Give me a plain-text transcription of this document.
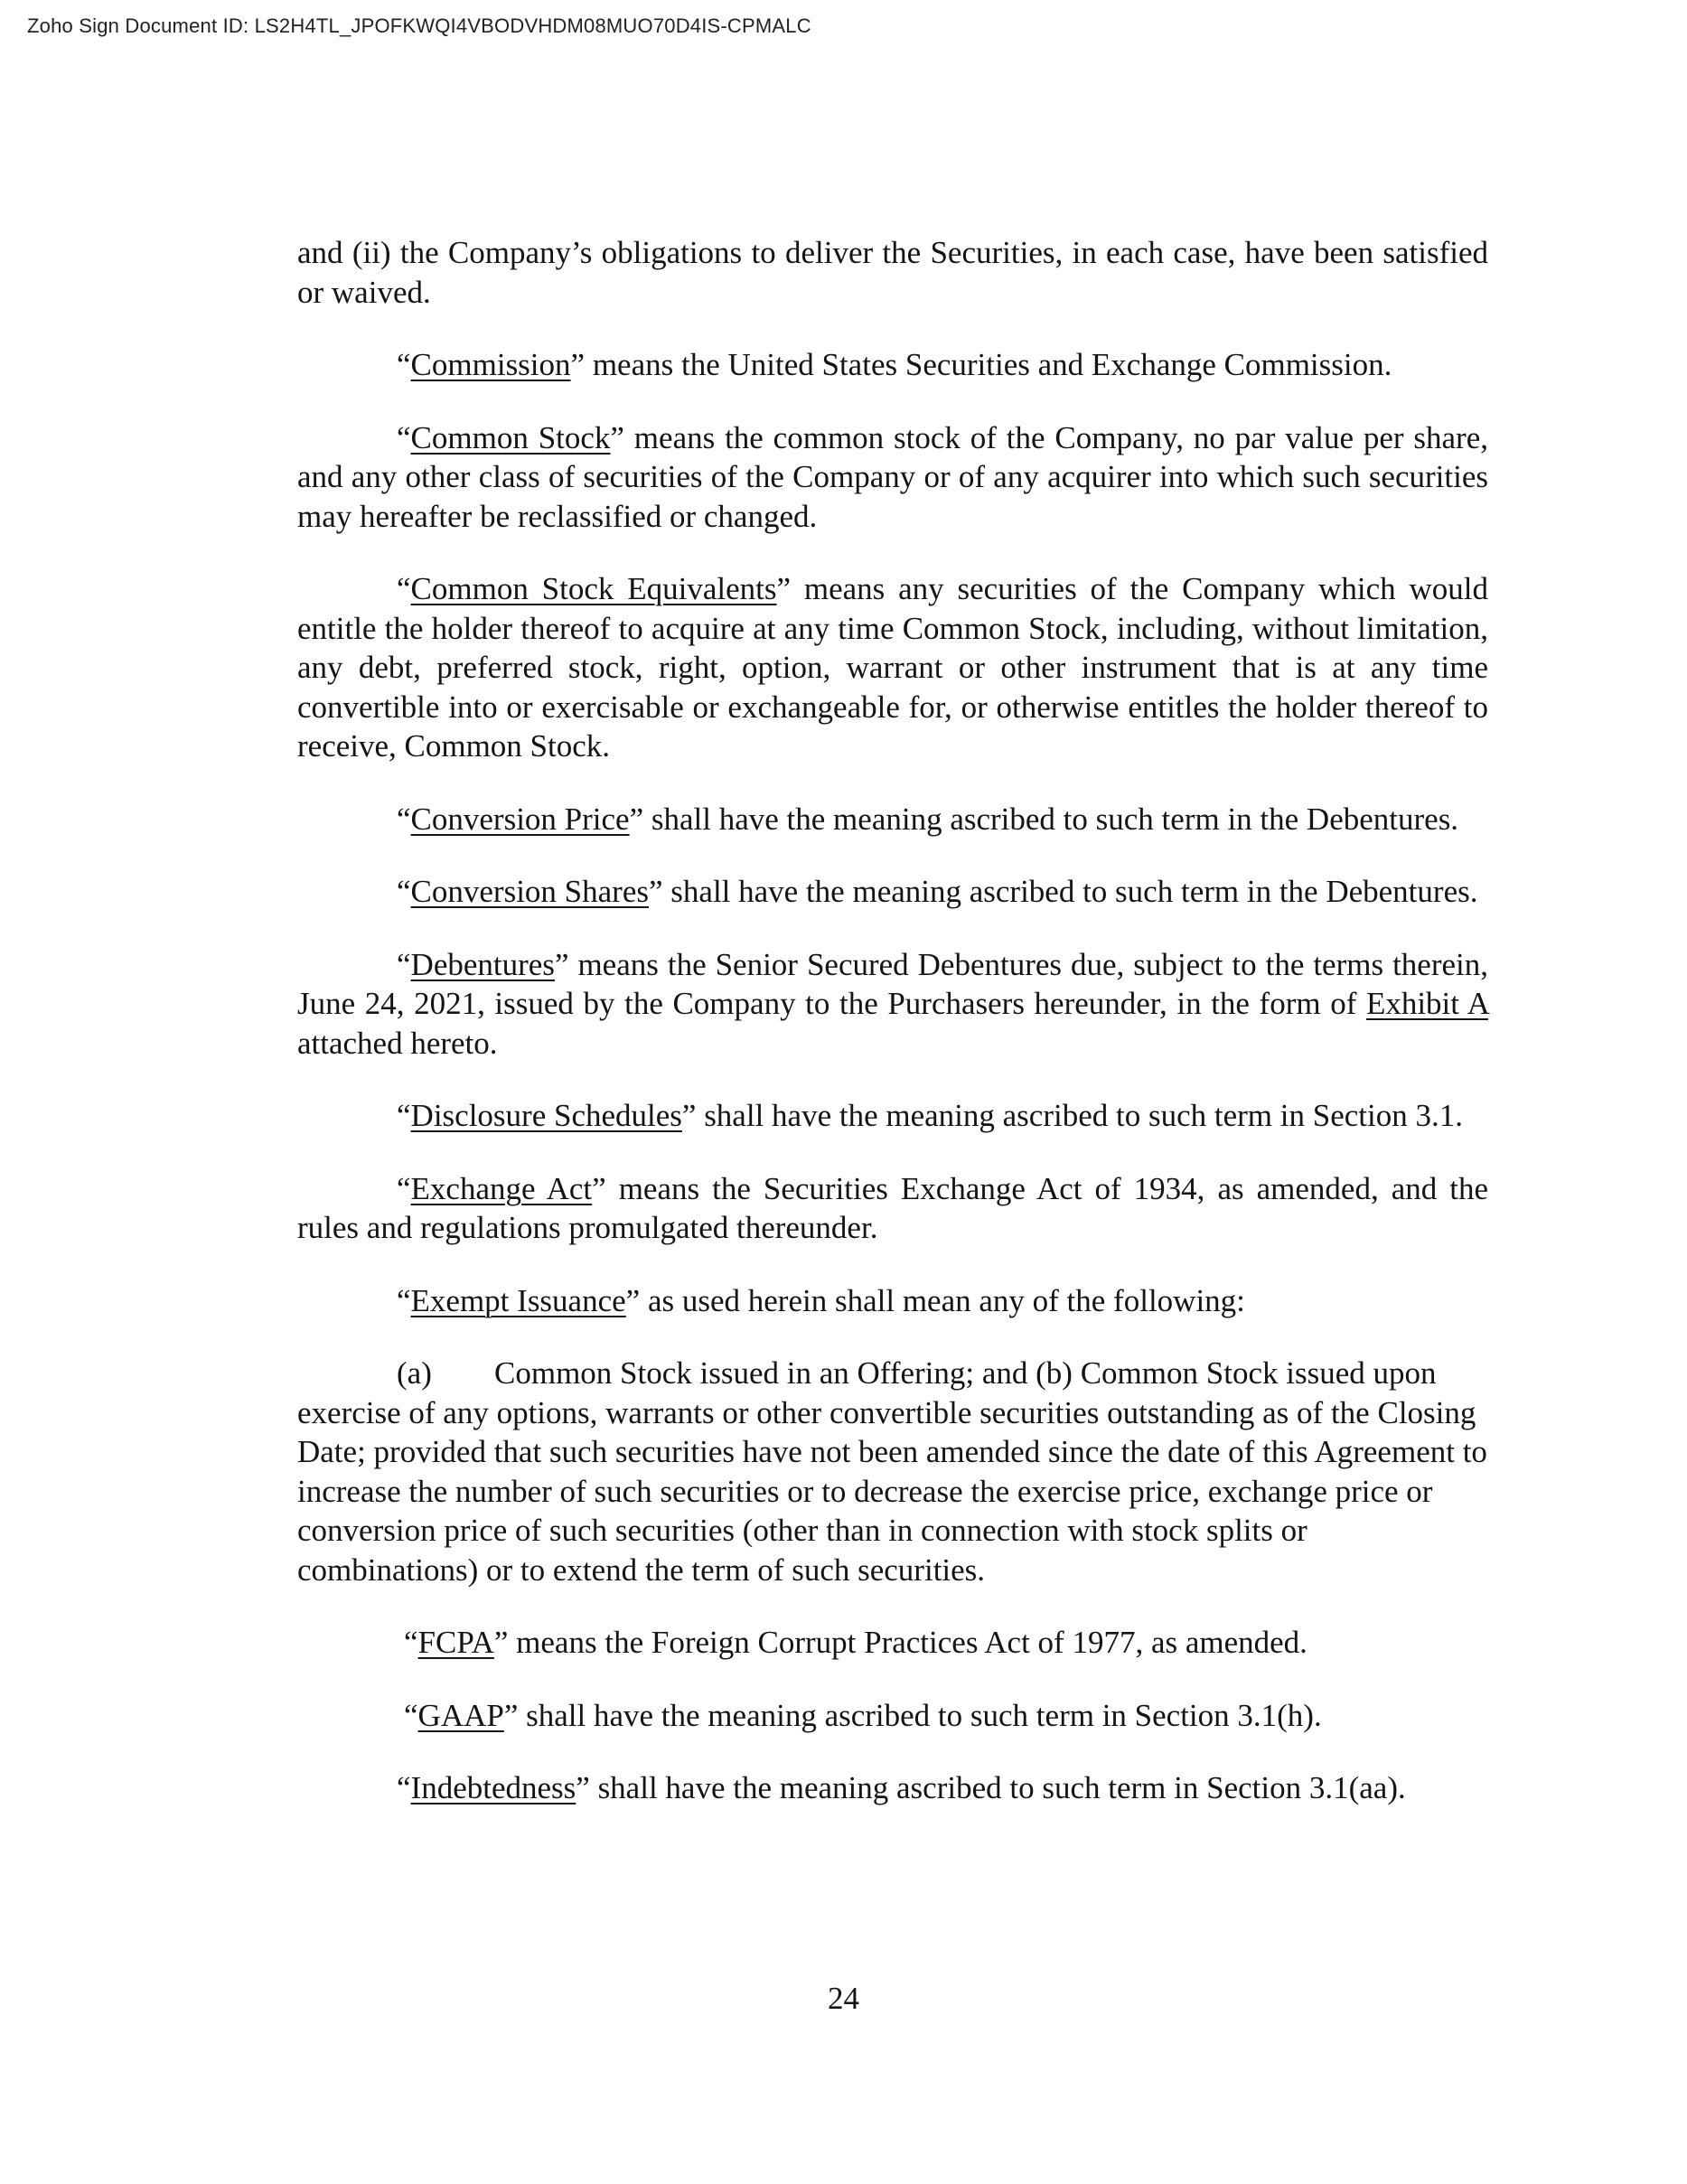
Zoho Sign Document ID: LS2H4TL_JPOFKWQI4VBODVHDM08MUO70D4IS-CPMALC

and (ii) the Company’s obligations to deliver the Securities, in each case, have been satisfied or waived.

“Commission” means the United States Securities and Exchange Commission.

“Common Stock” means the common stock of the Company, no par value per share, and any other class of securities of the Company or of any acquirer into which such securities may hereafter be reclassified or changed.

“Common Stock Equivalents” means any securities of the Company which would entitle the holder thereof to acquire at any time Common Stock, including, without limitation, any debt, preferred stock, right, option, warrant or other instrument that is at any time convertible into or exercisable or exchangeable for, or otherwise entitles the holder thereof to receive, Common Stock.

“Conversion Price” shall have the meaning ascribed to such term in the Debentures.

“Conversion Shares” shall have the meaning ascribed to such term in the Debentures.

“Debentures” means the Senior Secured Debentures due, subject to the terms therein, June 24, 2021, issued by the Company to the Purchasers hereunder, in the form of Exhibit A attached hereto.

“Disclosure Schedules” shall have the meaning ascribed to such term in Section 3.1.

“Exchange Act” means the Securities Exchange Act of 1934, as amended, and the rules and regulations promulgated thereunder.

“Exempt Issuance” as used herein shall mean any of the following:

(a) Common Stock issued in an Offering; and (b) Common Stock issued upon exercise of any options, warrants or other convertible securities outstanding as of the Closing Date; provided that such securities have not been amended since the date of this Agreement to increase the number of such securities or to decrease the exercise price, exchange price or conversion price of such securities (other than in connection with stock splits or combinations) or to extend the term of such securities.

“FCPA” means the Foreign Corrupt Practices Act of 1977, as amended.

“GAAP” shall have the meaning ascribed to such term in Section 3.1(h).

“Indebtedness” shall have the meaning ascribed to such term in Section 3.1(aa).

24
